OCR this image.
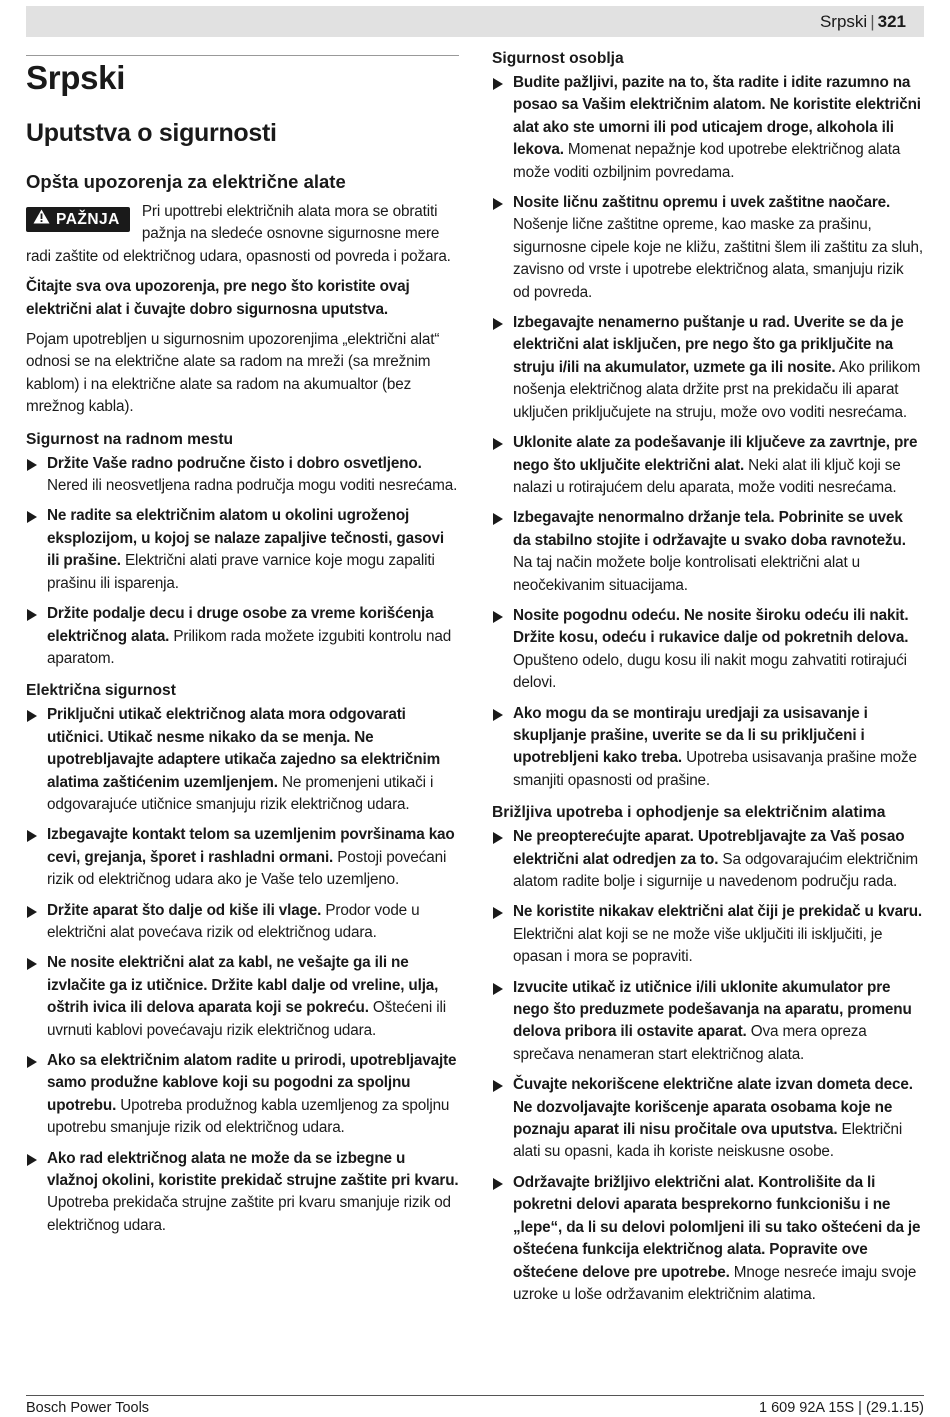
Srpski | 321
Srpski
Uputstva o sigurnosti
Opšta upozorenja za električne alate
PAŽNJA	Pri upottrebi električnih alata mora se obratiti pažnja na sledeće osnovne sigurnosne mere radi zaštite od električnog udara, opasnosti od povreda i požara.
Čitajte sva ova upozorenja, pre nego što koristite ovaj električni alat i čuvajte dobro sigurnosna uputstva.
Pojam upotrebljen u sigurnosnim upozorenjima „električni alat“ odnosi se na električne alate sa radom na mreži (sa mrežnim kablom) i na električne alate sa radom na akumualtor (bez mrežnog kabla).
Sigurnost na radnom mestu
Držite Vaše radno područne čisto i dobro osvetljeno. Nered ili neosvetljena radna područja mogu voditi nesrećama.
Ne radite sa električnim alatom u okolini ugroženoj eksplozijom, u kojoj se nalaze zapaljive tečnosti, gasovi ili prašine. Električni alati prave varnice koje mogu zapaliti prašinu ili isparenja.
Držite podalje decu i druge osobe za vreme korišćenja električnog alata. Prilikom rada možete izgubiti kontrolu nad aparatom.
Električna sigurnost
Priključni utikač električnog alata mora odgovarati utičnici. Utikač nesme nikako da se menja. Ne upotrebljavajte adaptere utikača zajedno sa električnim alatima zaštićenim uzemljenjem. Ne promenjeni utikači i odgovarajuće utičnice smanjuju rizik električnog udara.
Izbegavajte kontakt telom sa uzemljenim površinama kao cevi, grejanja, šporet i rashladni ormani. Postoji povećani rizik od električnog udara ako je Vaše telo uzemljeno.
Držite aparat što dalje od kiše ili vlage. Prodor vode u električni alat povećava rizik od električnog udara.
Ne nosite električni alat za kabl, ne vešajte ga ili ne izvlačite ga iz utičnice. Držite kabl dalje od vreline, ulja, oštrih ivica ili delova aparata koji se pokreću. Oštećeni ili uvrnuti kablovi povećavaju rizik električnog udara.
Ako sa električnim alatom radite u prirodi, upotrebljavajte samo produžne kablove koji su pogodni za spoljnu upotrebu. Upotreba produžnog kabla uzemljenog za spoljnu upotrebu smanjuje rizik od električnog udara.
Ako rad električnog alata ne može da se izbegne u vlažnoj okolini, koristite prekidač strujne zaštite pri kvaru. Upotreba prekidača strujne zaštite pri kvaru smanjuje rizik od električnog udara.
Sigurnost osoblja
Budite pažljivi, pazite na to, šta radite i idite razumno na posao sa Vašim električnim alatom. Ne koristite električni alat ako ste umorni ili pod uticajem droge, alkohola ili lekova. Momenat nepažnje kod upotrebe električnog alata može voditi ozbiljnim povredama.
Nosite ličnu zaštitnu opremu i uvek zaštitne naočare. Nošenje lične zaštitne opreme, kao maske za prašinu, sigurnosne cipele koje ne kližu, zaštitni šlem ili zaštitu za sluh, zavisno od vrste i upotrebe električnog alata, smanjuju rizik od povreda.
Izbegavajte nenamerno puštanje u rad. Uverite se da je električni alat isključen, pre nego što ga priključite na struju i/ili na akumulator, uzmete ga ili nosite. Ako prilikom nošenja električnog alata držite prst na prekidaču ili aparat uključen priključujete na struju, može ovo voditi nesrećama.
Uklonite alate za podešavanje ili ključeve za zavrtnje, pre nego što uključite električni alat. Neki alat ili ključ koji se nalazi u rotirajućem delu aparata, može voditi nesrećama.
Izbegavajte nenormalno držanje tela. Pobrinite se uvek da stabilno stojite i održavajte u svako doba ravnotežu. Na taj način možete bolje kontrolisati električni alat u neočekivanim situacijama.
Nosite pogodnu odeću. Ne nosite široku odeću ili nakit. Držite kosu, odeću i rukavice dalje od pokretnih delova. Opušteno odelo, dugu kosu ili nakit mogu zahvatiti rotirajući delovi.
Ako mogu da se montiraju uredjaji za usisavanje i skupljanje prašine, uverite se da li su priključeni i upotrebljeni kako treba. Upotreba usisavanja prašine može smanjiti opasnosti od prašine.
Brižljiva upotreba i ophodjenje sa električnim alatima
Ne preopterećujte aparat. Upotrebljavajte za Vaš posao električni alat odredjen za to. Sa odgovarajućim električnim alatom radite bolje i sigurnije u navedenom području rada.
Ne koristite nikakav električni alat čiji je prekidač u kvaru. Električni alat koji se ne može više uključiti ili isključiti, je opasan i mora se popraviti.
Izvucite utikač iz utičnice i/ili uklonite akumulator pre nego što preduzmete podešavanja na aparatu, promenu delova pribora ili ostavite aparat. Ova mera opreza sprečava nenameran start električnog alata.
Čuvajte nekorišcene električne alate izvan dometa dece. Ne dozvoljavajte korišcenje aparata osobama koje ne poznaju aparat ili nisu pročitale ova uputstva. Električni alati su opasni, kada ih koriste neiskusne osobe.
Održavajte brižljivo električni alat. Kontrolišite da li pokretni delovi aparata besprekorno funkcionišu i ne „lepe“, da li su delovi polomljeni ili su tako oštećeni da je oštećena funkcija električnog alata. Popravite ove oštećene delove pre upotrebe. Mnoge nesreće imaju svoje uzroke u loše održavanim električnim alatima.
Bosch Power Tools	1 609 92A 15S | (29.1.15)
